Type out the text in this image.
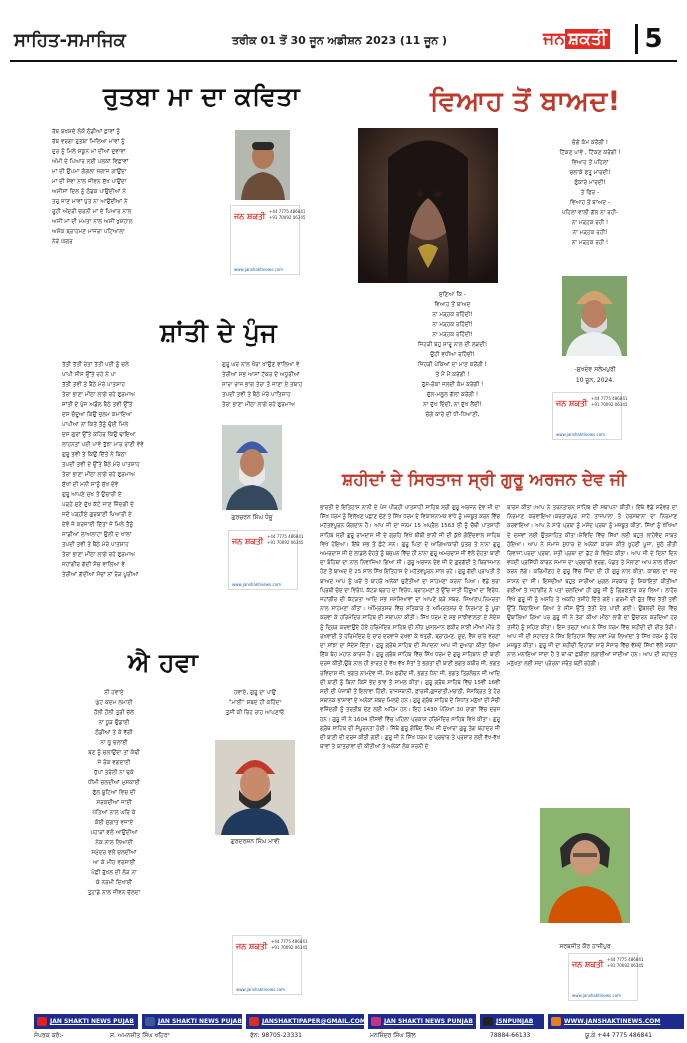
ਸਾਹਿਤ-ਸਮਾਜਿਕ	ਤਰੀਕ 01 ਤੋਂ 30 ਜੂਨ ਅਡੀਸ਼ਨ 2023 (11 ਜੂਨ )	ਜਨ ਸ਼ਕਤੀ	5
ਰੁਤਬਾ ਮਾ ਦਾ ਕਵਿਤਾ
ਰੱਬ ਬਖਸ਼ਦੇ ਲੋਕੋ ਠੰਡੀਆਂ ਛਾਵਾਂ ਨੂੰ
ਰੱਬ ਵਰਗਾ ਰੁਤਬਾ ਮਿਲਿਆ ਮਾਵਾਂ ਨੂੰ
ਦੁਰ ਨੂੰ ਮਿਲੇ ਸਕੂਨ ਮਾਂ ਦੀਆਂ ਦੁਵਾਵਾਂ
ਅੰਮੀ ਦੇ ਪਿਆਰ ਲਈ ਪਲਕਾਂ ਵਿਛਾਵਾਂ
ਮਾਂ ਦੀ ਉਪਮਾ ਗੰਗਲਾ ਜਗਾਜ ਗਾਉਂਦਾ
ਮਾਂ ਦੀ ਸੇਵਾ ਨਾਲ ਜੀਵਨ ਸੁੱਖ ਪਾਉਂਦਾ
ਅਸੀਸਾਂ ਦਿਲ ਨੂੰ ਠੰਡਕ ਪਾਉਂਦੀਆਂ ਨੇ
ਤਰੁ ਜਾਣ ਮਾਵਾਂ ਪੁੱਤ ਨਾ ਆਉਂਦੀਆਂ ਨੇ
ਰੂਹੀ ਅੰਦਰੀ ਚਰਨੀ ਮਾਂ ਦੇ ਪਿਆਰ ਨਾਲ
ਅਸੀਂ ਮਾਂ ਦੀ ਮਮਤਾ ਨਾਲ ਅਸੀਂ ਖੁਸ਼ਹਾਲ
ਅਸ਼ੋਕ ਬ੍ਰਾਹਮਣ ਮਾਜਰਾ ਪਟਿਆਲਾ
ਨੇੜੇ ਘੱਗਰ
ਜਨ ਸ਼ਕਤੀ
+44 7775 486841
+91 70092 06345
www.janshaktinews.com
ਸ਼ਾਂਤੀ ਦੇ ਪੁੰਜ
ਤੱਤੀ ਤੱਤੀ ਰੇਤਾ ਤੱਤੀ ਪਈ ਨੂੰ ਚਲੇ
ਪਾਪੀ ਸੀਸ ਉੱਤੇ ਰਹੇ ਨੇ ਪਾ
ਤੱਤੀ ਤਵੀ ਤੇ ਬੈਠੇ ਮੇਰੇ ਪਾਤਸ਼ਾਹ
ਤੇਰਾ ਭਾਣਾ ਮੀਠਾ ਲਾਗੇ ਰਹੇ ਫੁਰਮਾਅ
ਸ਼ਾਂਤੀ ਦੇ ਪੁੰਜ ਅਡੋਲ ਬੈਠੇ ਤਵੀ ਉੱਤੇ
ਦਸ ਚੰਦੂਆ ਕਿਉਂ ਜੁਲਮ ਕਮਾਇਆ
ਪਾਪੀਆਂ ਨਾਂ ਕਿਤੇ ਤੈਨੂੰ ਢੋਈ ਮਿਲੇ
ਦਸ ਗੁਰਾਂ ਉੱਤੇ ਕਹਿਰ ਕਿਉਂ ਢਾਇਆ
ਲਾਹਨਤਾਂ ਪਈ ਪਾਵੇ ਤੁੱਝਾ ਮਾਰ ਰਾਣੀ ਵੇਵੇ
ਗੁਰੂ ਤਵੀ ਤੇ ਕਿਉਂ ਦਿੱਤੇ ਨੇ ਬਿਠਾ
ਤਪਦੀ ਤਵੀ ਦੇ ਉੱਤੇ ਬੈਠੇ ਮੇਰੇ ਪਾਤਸ਼ਾਹ
ਤੇਰਾ ਭਾਣਾ ਮੀਠਾ ਲਾਗੇ ਰਹੇ ਫੁਰਮਾਅ
ਸੁੱਖਾਂ ਦੀ ਮਨੀ ਸਾਨੂੰ ਸੁੱਖ ਦੇਵੇ
ਗੁਰੂ ਆਪਣੇ ਮੁੱਖ ਤੋਂ ਉਚਾਰੀ ਏ
ਪੜ੍ਹੇ ਸੁਣੇ ਦੁੱਖ ਕੱਟੇ ਜਾਣ ਜ਼ਿੰਦਗੀ ਦੇ
ਜਦੋਂ ਪੜ੍ਹੀਏ ਗੁਰਬਾਣੀ ਪਿਆਰੀ ਏ
ਦੇਵੋ ਜੇ ਕਰਜਾਈ ਦਿੱਤਾ ਜੇ ਮਿਲੇ ਤੈਨੂੰ
ਸਾਡੀਆਂ ਲਾਅਲਾਟਾ ਉਲੀ ਦ ਖਾਲਾ
ਤਪਦੀ ਤਵੀ ਤੇ ਬੈਠੇ ਮੇਰੇ ਪਾਤਸ਼ਾਹ
ਤੇਰਾ ਭਾਣਾ ਮੀਠਾ ਲਾਗੇ ਰਹੇ ਫੁਰਮਾਅ
ਜਹਾਂਗੀਰ ਗੱਦੀ ਸੋਚ ਵਾਲਿਆ ਵੇ
ਤੇਰੀਆਂ ਗੱਦੀਆਂ ਸੋਚਾਂ ਨਾਂ ਰੋੜ ਪੂਰੀਆਂ
ਗੁਰੂ ਘਰ ਨਾਲ ਖੋਰਾ ਖਾਉਣ ਵਾਲਿਆ ਵੇ
ਤੇਰੀਆਂ ਸਭ ਆਸਾਂ ਟੱਕਰ ਦੇ ਅਧੂਰੀਆਂ
ਸਾਰਾ ਰਾਜ ਭਾਗ ਤੇਰਾ ਤੋ ਜਾਣਾ ਏ ਤਬਾਹ
ਤਪਦੀ ਤਵੀ ਤੇ ਬੈਠੇ ਮੇਰੇ ਪਾਤਿਸ਼ਾਹ
ਤੇਰਾ ਭਾਣਾ ਮੀਠਾ ਲਾਗੇ ਰਹੇ ਫੁਰਮਾਅ
ਗੁਰਚਰਨ ਸਿੰਘ ਧੰਜੂ
ਜਨ ਸ਼ਕਤੀ
+44 7775 486841
+91 70092 06345
www.janshaktinews.com
ਐ ਹਵਾ
ਨੀ ਹਵਾਏ
ਘੁੱਟ ਕਦਮ ਲਮਾਈ
ਹੌਲੀ ਹੌਲੀ ਤੁਰੀ ਚੱਲੇ
ਨਾ ਧੂੜ ਉਡਾਈ
ਠੰਡੀਆਂ ਤੇ ਕੇ ਵੱਗੀ
ਨਾ ਲੂ ਚਲਾਈ
ਬਣ ਨੂੰ ਚਲਾਉਂਦਾ ਤਾਂ ਕੰਢੀ
ਜੇ ਰੋਕ ਵਗਦਾਈ
ਧੁੱਪਾਂ ਤਰੇਲੀ ਨਾ ਢਕੇ
ਧੀਮੀ ਚਲਦੀਆਂ ਮੁਸਕਾਈ
ਫੁੱਲ ਬੂਟਿਆਂ ਵਿਚ ਦੀ
ਸਰਕਦੀਆਂ ਜਾਈਂ
ਪੱਤਿਆਂ ਨਾਲ ਘਰਿ ਕੇ
ਕੋਈ ਸੁਗਾਤ ਵਜਾਏ
ਪਹਾੜਾਂ ਵਲੋਂ ਆਉਂਦੀਆਂ
ਨੇਕ ਨਾਲ ਲਿਆਈਂ
ਸਮੁੰਦਰ ਵਲੋਂ ਚਲਦੀਆਂ
ਆ ਕੇ ਮੀਂਹ ਵਰਸਾਈਂ
ਪੰਛੀ ਰੁੱਖਲ ਦੀ ਲੋੜ ਨਾ
ਕੇ ਨਰਮੀ ਦਿਖਾਈਂ
ਤੁਹਾਡੇ ਨਾਲ ਜੀਵਨ ਚੱਲਦਾ
ਹਵਾਏ, ਗੁਰੂ ਦਾ ਪਾਉਂ
"ਮਾਈ" ਸ਼ਬਦ ਹੀ ਕਹਿੰਦਾ
ਤੁਸੀਂ ਕੀ ਰਿਹ ਰਾਹ ਆਪਣਾਓ
ਗੁਰਦਰਸ਼ਨ ਸਿੰਘ ਮਾਵੀ
ਜਨ ਸ਼ਕਤੀ
+44 7775 486841
+91 70092 06345
www.janshaktinews.com
ਵਿਆਹ ਤੋਂ ਬਾਅਦ!
ਚੰਗੇ ਕੰਮ ਕਰੋਂਗੀ !
ਟਿੱਕਣ ਪਾਵੇ , ਟਿੱਕਣ ਕਰੋਂਗੀ !
ਵਿਆਹ ਤੋਂ ਪਹਿਲਾਂ
ਚਲਾਕੇ ਫਤੂ ਮਾਰਦੀ!
ਫੁੰਕਾਰੇ ਮਾਰਦੀ!
ਤੇ ਫਿਰ -
ਵਿਆਹ ਤੋਂ ਬਾਅਦ -
ਪਹਿਲਾਂ ਵਾਲੀ ਗੱਲ ਨਾ ਰਹੀ-
ਨਾ ਮੜ੍ਹਕ ਰਹੀ !
ਨਾ ਮੜ੍ਹਕ ਰਹੀ!
ਨਾ ਮੜ੍ਹਕ ਰਹੀ !
ਸੁਣਿਆ ਕਿ -
ਵਿਆਹ ਤੋਂ ਬਾਅਦ
ਨਾ ਮੜ੍ਹਕ ਰਹਿੰਦੀ!
ਨਾ ਮੜ੍ਹਕ ਰਹਿੰਦੀ!
ਨਾ ਮੜ੍ਹਕ ਰਹਿੰਦੀ!
ਜਿਹੜੀ ਬਹੁ ਸਾਰੂ ਨਾਲ ਦੀ ਲੜਦੀ!
ਉਹੀ ਵਧੀਆ ਰਹਿੰਦੀ!
ਜਿਹੜੀ ਪੇਕਿਆਂ ਦਾ ਮਾਣ ਕਰੇਂਗੀ !
ਤੇ ਮੈਂ ਮੈਂ ਕਰੇਂਗੀ !
ਰੁੱਸ-ਰੋਕਾ ਜਲਦੀ ਕੰਮ ਕਰੇਂਗੀ !
ਦੁੱਲ-ਮਲੂਲ ਗੱਲਾਂ ਕਰੇਂਗੀ !
ਨਾ ਦੁੱਖ ਦਿੰਦੀ, ਨਾ ਦੁੱਖ ਲੈਂਦੀ!
ਚੰਗੇ ਕਾਰੇ ਦੀ ਧੀ-ਧਿਆਣੀ,
-ਸੁਖਦੇਵ ਸਲੇਮਪੁਰੀ
10 ਜੂਨ, 2024.
ਜਨ ਸ਼ਕਤੀ
+44 7775 486841
+91 70092 06345
www.janshaktinews.com
ਸ਼ਹੀਦਾਂ ਦੇ ਸਿਰਤਾਜ ਸ੍ਰੀ ਗੁਰੂ ਅਰਜਨ ਦੇਵ ਜੀ
ਭਾਰਤੀ ਦੇ ਇਤਿਹਾਸ ਨਾਨੀ ਦੇ ਪੰਜ ਪੀੜ੍ਹੀ ਪਾਤਸ਼ਾਹੀ ਸਾਹਿਬ ਸ੍ਰੀ ਗੁਰੂ ਅਰਜਨ ਦੇਵ ਜੀ ਦਾ ਸਿੱਖ ਧਰਮ ਨੂੰ ਵਿਲੱਖਣ ਪਛਾਣ ਦੇਣ ਤੇ ਸਿੱਖ ਧਰਮ ਦੇ ਵਿਕਾਸਨਾਮਕ ਵਾਧੇ ਨੂੰ ਮਜ਼ਬੂਤ ਕਰਨ ਵਿੱਚ ਮਹੱਤਵਪੂਰਨ ਯੋਗਦਾਨ ਹੈ। ਆਪ ਜੀ ਦਾ ਜਨਮ 15 ਅਪ੍ਰੈਲ 1563 ਈ ਨੂੰ ਚੌਥੀ ਪਾਤਸ਼ਾਹੀ ਸਾਹਿਬ ਸ੍ਰੀ ਗੁਰੂ ਰਾਮਦਾਸ ਜੀ ਦੇ ਗ੍ਰਹਿ ਵਿਖੇ ਬੀਬੀ ਭਾਨੀ ਜੀ ਦੀ ਕੁੱਖੋਂ ਗੋਇੰਦਵਾਲ ਸਾਹਿਬ ਵਿਖੇ ਹੋਇਆ। ਇੱਥੇ ਸਭ ਤੋਂ ਛੋਟੇ ਸਨ। ਗੁਰੂ ਪਿਤਾ ਦੇ ਆਗਿਆਕਾਰੀ ਪੁੱਤਰ ਤੇ ਨਾਨਾ ਗੁਰੂ ਅਮਰਦਾਸ ਜੀ ਦੇ ਲਾਡਲੇ ਦੋਹਤੇ ਨੂੰ ਬਚਪਨ ਵਿੱਚ ਹੀ ਨਾਨਾ ਗੁਰੂ ਅਮਰਦਾਸ ਜੀ ਵੱਲੋਂ ਦੋਹਤਾ ਬਾਣੀ ਦਾ ਬੋਹਿਥਾ ਦਾ ਨਾਲ ਨਿਵਾਜਿਆ ਗਿਆ ਸੀ। ਗੁਰੂ ਅਰਜਨ ਦੇਵ ਜੀ ਦੇ ਗੁਰਗੱਦੀ ਤੇ ਬਿਰਾਜਮਾਨ ਹੋਣ ਤੋਂ ਬਾਅਦ ਦੇ 25 ਸਾਲ ਸਿੱਖ ਇਤਿਹਾਸ ਦੇ ਮਹੱਤਵਪੂਰਨ ਸਾਲ ਰਹੇ। ਗੁਰੂ ਗੱਦੀ ਪ੍ਰਾਪਤੀ ਤੋਂ ਬਾਅਦ ਆਪ ਨੂੰ ਘਰੋਂ ਤੇ ਬਾਹਰੋਂ ਅਨੇਕਾਂ ਚੁਣੌਤੀਆਂ ਦਾ ਸਾਹਮਣਾ ਕਰਨਾ ਪਿਆ। ਵੱਡੇ ਭਰਾ ਪ੍ਰਿਥੀ ਚੰਦ ਦਾ ਵਿਰੋਧ, ਕੱਟੜ ਬ੍ਰਾਹ ਦਾ ਵਿਰੋਧ, ਬ੍ਰਾਹਮਣਾਂ ਤੇ ਉੱਚ ਜਾਤੀ ਹਿੰਦੂਆਂ ਦਾ ਵਿਰੋਧ, ਜਹਾਂਗੀਰ ਦੀ ਕੱਟੜਤਾ ਆਦਿ ਸਭ ਸਮੱਸਿਆਵਾਂ ਦਾ ਆਪਣੇ ਬੜੇ ਸਬਰ, ਸਿਆਣਪ,ਨਿਮਰਤਾ ਨਾਲ ਸਾਹਮਣਾ ਕੀਤਾ। ਅੰਮ੍ਰਿਤਸਰ ਵਿੱਚ ਸਤਿਕਾਰ ਤੇ ਅਮ੍ਰਿਤਸਰ ਦੇ ਨਿਰਮਾਣ ਨੂੰ ਪੂਰਾ ਕਰਵਾ ਕੇ ਹਰਿਮੰਦਿਰ ਸਾਹਿਬ ਦੀ ਸਥਾਪਨਾ ਕੀਤੀ। ਸਿੱਖ ਧਰਮ ਦੇ ਸਭ ਸਾਂਝੀਵਾਲਤਾ ਦੇ ਸੰਦੇਸ਼ ਨੂੰ ਦ੍ਰਿੜ ਕਰਵਾਉਂਦੇ ਹੋਏ ਹਰਿਮੰਦਿਰ ਸਾਹਿਬ ਦੀ ਨੀਂਹ ਮੁਸਲਮਾਨ ਫਕੀਰ ਸਾਈਂ ਮੀਆਂ ਮੀਰ ਤੋਂ ਰਖਵਾਈ ਤੇ ਹਰਿਮੰਦਿਰ ਦੇ ਚਾਰ ਦਰਵਾਜ਼ੇ ਰਖਵਾ ਕੇ ਖੱਤ੍ਰੀ, ਬ੍ਰਾਹਮਣ, ਸ਼ੂਦ, ਵੈਸ਼ ਚਾਰੇ ਵਰਣਾਂ ਦਾ ਸਾਂਝਾ ਦਾ ਸੰਦੇਸ਼ ਦਿੱਤਾ। ਗੁਰੂ ਗ੍ਰੰਥ ਸਾਹਿਬ ਦੀ ਸੰਪਾਦਨਾ ਆਪ ਜੀ ਦੁਆਰਾ ਕੀਤਾ ਗਿਆ ਇੱਕ ਬੇਹ ਮਹਾਨ ਕਾਰਜ ਹੈ। ਗੁਰੂ ਗ੍ਰੰਥ ਸਾਹਿਬ ਵਿੱਚ ਸਿੱਖ ਧਰਮ ਦੇ ਗੁਰੂ ਸਾਹਿਬਾਨ ਦੀ ਬਾਣੀ ਦਰਜ ਕੀਤੀ,ਉਥੇ ਨਾਲ ਹੀ ਭਾਰਤ ਦੇ ਵੱਖ ਵੱਖ ਸੰਤਾਂ ਤੇ ਭਗਤਾਂ ਦੀ ਬਾਣੀ ਭਗਤ ਕਬੀਰ ਜੀ, ਭਗਤ ਰਵਿਦਾਸ ਜੀ, ਭਗਤ ਨਾਮਦੇਵ ਜੀ, ਸ਼ੇਖ ਫਰੀਦ ਜੀ, ਭਗਤ ਧੰਨਾ ਜੀ, ਭਗਤ ਤ੍ਰਿਲੋਚਨ ਜੀ ਆਦਿ ਦੀ ਬਾਣੀ ਨੂੰ ਬਿਨਾਂ ਕਿਸੇ ਭੇਦ ਭਾਵ ਤੋਂ ਸਾਮਲ ਕੀਤਾ। ਗੁਰੂ ਗ੍ਰੰਥ ਸਾਹਿਬ ਵਿੱਚ 15ਵੀਂ 16ਵੀਂ ਸਦੀ ਦੀ ਪੰਜਾਬੀ ਤੋਂ ਇਲਾਵਾ ਹਿੰਦੀ, ਰਾਜਸਥਾਨੀ, ਫ਼ਾਰਸੀ,ਗੁਜਰਾਤੀ,ਮਰਾਠੀ, ਸੰਸਕ੍ਰਿਤ ਤੇ ਹੋਰ ਸਥਾਨਕ ਭਾਸ਼ਾਵਾਂ ਦੇ ਅਨੇਕਾਂ ਸ਼ਬਦ ਮਿਲਦੇ ਹਨ। ਗੁਰੂ ਗ੍ਰੰਥ ਸਾਹਿਬ ਦੇ ਸਿਧਾਂਤ ਮਨੁੱਖਾਂ ਦੀ ਸੋਚੀ ਵਜ਼ਿੰਦਗੀ ਨੂੰ ਤਰਤੀਬ ਦੇਣ ਲਈ ਅਹਿਮ ਹਨ। ਇਹ 1430 ਪੰਨਿਆਂ 30 ਰਾਗਾਂ ਵਿੱਚ ਦਰਜ ਹਨ। ਗੁਰੂ ਜੀ ਨੇ 1604 ਈਸਵੀ ਵਿੱਚ ਪਹਿਲਾ ਪ੍ਰਕਾਸ਼ ਹਰਿਮੰਦਿਰ ਸਾਹਿਬ ਵਿਖੇ ਕੀਤਾ। ਗੁਰੂ ਗ੍ਰੰਥ ਸਾਹਿਬ ਦੀ ਸੰਪੂਰਨਤਾ ਹੋਈ। ਜਿੱਥੇ ਗੁਰੂ ਗੋਬਿੰਦ ਸਿੰਘ ਜੀ ਦੁਆਰਾ ਗੁਰੂ ਤੇਗ ਬਹਾਦਰ ਜੀ ਦੀ ਬਾਣੀ ਦੀ ਦਰਜ ਕੀਤੀ ਗਈ। ਗੁਰੂ ਜੀ ਨੇ ਸਿੱਖ ਧਰਮ ਦੇ ਪ੍ਰਚਾਰ ਤੇ ਪ੍ਰਸਾਰ ਲਈ ਵੱਖ-ਵੱਖ ਥਾਵਾਂ ਤੇ ਯਾਤਰਾਵਾਂ ਦੀ ਕੀਤੀਆਂ ਤੇ ਅਨੇਕਾਂ ਲੋਕ ਸ਼ਰਨੀ ਦੇ
ਬਾਰਸ ਕੀਤਾ।ਆਪ ਨੇ ਤਰਨਤਾਰਨ ਸਾਹਿਬ ਦੀ ਸਥਾਪਨਾ ਕੀਤੀ। ਇੱਥੇ ਵੱਡੇ ਸਰੋਵਰ ਦਾ ਨਿਰਮਾਣ ਕਰਵਾਇਆ।ਕਰਤਾਰਪੁਰ ਸਾਹੇ ਤਾਜਪਾਲਾ ਤੋ ਹਰਸਥਾਨਾ ਦਾ ਨਿਰਮਾਣ ਕਰਵਾਇਆ। ਆਪ ਨੇ ਸਾਰੇ ਪ੍ਰਬਾ ਨੂੰ ਮਸੰਦ ਪ੍ਰਥਾ ਨੂੰ ਮਜ਼ਬੂਤ ਕੀਤਾ, ਸਿੱਖਾਂ ਨੂੰ ਖੱਖਿਆਂ ਦੇ ਦਸਵਾਂ ਲਈ ਉਤਸ਼ਾਹਿਤ ਕੀਤਾ।ਸ਼ੇਵਿਦਿ ਵਿੱਚ ਸਿੱਖਾਂ ਲਈ ਬਹੁਤ ਲਾਹੇਵੰਦ ਸਾਬਤ ਹੋਇਆ। ਆਪ ਨੇ ਸਮਾਜ ਸੁਧਾਰ ਦੇ ਅਨੇਕਾਂ ਕਾਰਜ ਕੀਤੇ ਖੂਹਣੀ ਪੂਜਾ, ਜੂਠੇ ਰੀਤੀ ਰਿਵਾਜਾਂ,ਪਰਦਾ ਪ੍ਰਥਾ, ਸਤੀ ਪ੍ਰਥਾ ਦਾ ਡੱਟ ਕੇ ਵਿਰੋਧ ਕੀਤਾ। ਆਪ ਜੀ ਦੇ ਦਿਨਾਂ ਦਿਨ ਵਧਦੀ ਪ੍ਰਸਿੱਧੀ ਕਾਰਨ ਸਮਾਜ ਦਾ ਪ੍ਰਚਾਰੀ ਵਰਗ, ਪੰਡਤ ਤੇ ਮੌਲਾਣਾ ਆਪ ਨਾਲ ਈਰਖਾ ਕਰਨ ਲੱਗੇ। ਕਰਿਮੀਣਹ ਦੇ ਗੁਰੂ ਵਿੱਚ ਜਿੰਦਾ ਦੀ ਹੀ ਗੁਰੂ ਨਾਲ ਕੀਤਾ, ਕਾਬਲ ਦਾ ਜਦ ਸ਼ਾਸਨ ਦਾ ਸੀ। ਇਸਦੀਆਂ ਬਹੁਤ ਸਾਰੀਆਂ ਮੁਗਲ ਸਰਕਾਰ ਨੂੰ ਸ਼ਿਕਾਇਤਾਂ ਕੀਤੀਆਂ ਗਈਆਂ ਤੇ ਜਹਾਂਗੀਰ ਨੇ ਪਤਾ ਚਲਦਿਆਂ ਹੀ ਗੁਰੂ ਜੀ ਨੂੰ ਗ੍ਰਿਫਤਾਰ ਕਰ ਲਿਆ। ਲਾਹੌਰ ਵਿਖੇ ਗੁਰੂ ਜੀ ਨੂੰ ਅਸਹਿ ਤੇ ਅਕਹਿ ਤਸੀਹੇ ਦਿੱਤੇ ਗਏ। ਗਰਮੀ ਦੀ ਰੁੱਤ ਵਿੱਚ ਤੱਤੀ ਤਵੀ ਉੱਤੇ ਬਿਠਾਇਆ ਗਿਆ ਤੇ ਸੀਸ ਉੱਤੇ ਤੱਤੀ ਰੇਤ ਪਾਈ ਗਈ। ਉਬਲਦੀ ਦੇਗ ਵਿੱਚ ਉਬਾਲਿਆ ਗਿਆ ਪਰ ਗੁਰੂ ਜੀ ਨੇ ਤੇਰਾ ਕੀਆ ਮੀਠਾ ਲਾਗੈ ਦਾ ਉਚਾਰਨ ਕਰਦਿਆਂ ਹਰ ਤਸੀਹੇ ਨੂੰ ਸਹਿਣ ਕੀਤਾ। ਇਸ ਤਰ੍ਹਾਂ ਆਪ ਨੇ ਸਿੱਖ ਧਰਮ ਵਿੱਚ ਸ਼ਹੀਦੀ ਦੀ ਰੀਤ ਤੋਰੀ। ਆਪ ਜੀ ਦੀ ਸ਼ਹਾਦਤ ਨੇ ਸਿੱਖ ਇਤਿਹਾਸ ਵਿੱਚ ਨਵਾਂ ਮੋੜ ਲਿਆਂਦਾ ਤੇ ਸਿੱਖ ਧਰਮ ਨੂੰ ਹੋਰ ਮਜ਼ਬੂਤ ਕੀਤਾ। ਗੁਰੂ ਜੀ ਦਾ ਸ਼ਹੀਦੀ ਦਿਹਾੜਾ ਸਾਰੇ ਸੰਸਾਰ ਵਿੱਚ ਵੱਸਦੇ ਸਿੱਖਾਂ ਵੱਲੋਂ ਸ਼ਰਧਾ ਨਾਲ ਮਨਾਇਆ ਜਾਂਦਾ ਹੈ ਤੇ ਥਾਂ-ਥਾਂ ਛਬੀਲਾਂ ਲਗਾਈਆਂ ਜਾਂਦੀਆਂ ਹਨ। ਆਪ ਦੀ ਸ਼ਹਾਦਤ ਮਨੁੱਖਤਾ ਲਈ ਸਦਾ ਪ੍ਰੇਰਨਾ ਸਰੋਤ ਬਣੀ ਰਹੇਗੀ।
ਸਰਬਜੀਤ ਕੌਰ ਹਾਜੀਪੁਰ
ਜਨ ਸ਼ਕਤੀ
+44 7775 486841
+91 70092 06345
www.janshaktinews.com
JAN SHAKTI NEWS PUJAB	JAN SHAKTI NEWS PUJAB	JANSHAKTIPAPER@GMAIL.COM	JAN SHAKTI NEWS PUNJAB	JSNPUNJAB	WWW.JANSHAKTINEWS.COM
ਸੰਪਰਕ ਕਰੋ:-	ਸ. ਅਮਨਜੀਤ ਸਿੰਘ ਖਹਿਰਾ	ਫੋਨ: 98705-23331	ਮਨਜਿੰਦਰ ਸਿੰਘ ਗਿੱਲ	78884-66133	ਯੂ.ਕੇ +44 7775 486841
